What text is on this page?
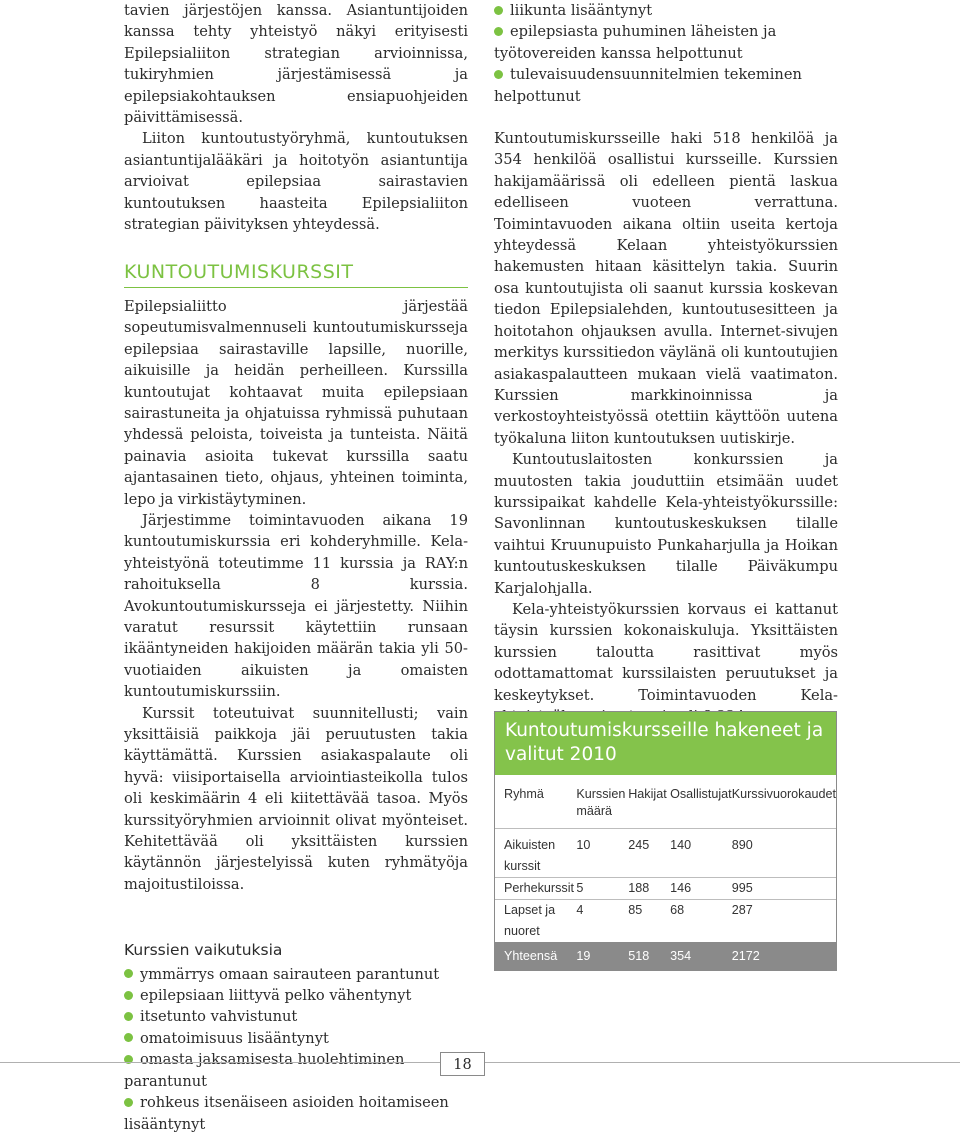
tavien järjestöjen kanssa. Asiantuntijoiden kanssa tehty yhteistyö näkyi erityisesti Epilepsialiiton strategian arvioinnissa, tukiryhmien järjestämisessä ja epilepsiakohtauksen ensiapuohjeiden päivittämisessä.

Liiton kuntoutustyöryhmä, kuntoutuksen asiantuntijalääkäri ja hoitotyön asiantuntija arvioivat epilepsiaa sairastavien kuntoutuksen haasteita Epilepsialiiton strategian päivityksen yhteydessä.

KUNTOUTUMISKURSSIT

Epilepsialiitto järjestää sopeutumisvalmennuseli kuntoutumiskursseja epilepsiaa sairastaville lapsille, nuorille, aikuisille ja heidän perheilleen. Kurssilla kuntoutujat kohtaavat muita epilepsiaan sairastuneita ja ohjatuissa ryhmissä puhutaan yhdessä peloista, toiveista ja tunteista. Näitä painavia asioita tukevat kurssilla saatu ajantasainen tieto, ohjaus, yhteinen toiminta, lepo ja virkistäytyminen.

Järjestimme toimintavuoden aikana 19 kuntoutumiskurssia eri kohderyhmille. Kela-yhteistyönä toteutimme 11 kurssia ja RAY:n rahoituksella 8 kurssia. Avokuntoutumiskursseja ei järjestetty. Niihin varatut resurssit käytettiin runsaan ikääntyneiden hakijoiden määrän takia yli 50-vuotiaiden aikuisten ja omaisten kuntoutumiskurssiin.

Kurssit toteutuivat suunnitellusti; vain yksittäisiä paikkoja jäi peruutusten takia käyttämättä. Kurssien asiakaspalaute oli hyvä: viisiportaisella arviointiasteikolla tulos oli keskimäärin 4 eli kiitettävää tasoa. Myös kurssityöryhmien arvioinnit olivat myönteiset. Kehitettävää oli yksittäisten kurssien käytännön järjestelyissä kuten ryhmätyöja majoitustiloissa.

Kurssien vaikutuksia
ymmärrys omaan sairauteen parantunut
epilepsiaan liittyvä pelko vähentynyt
itsetunto vahvistunut
omatoimisuus lisääntynyt
omasta jaksamisesta huolehtiminen parantunut
rohkeus itsenäiseen asioiden hoitamiseen lisääntynyt
liikunta lisääntynyt
epilepsiasta puhuminen läheisten ja työtovereiden kanssa helpottunut
tulevaisuudensuunnitelmien tekeminen helpottunut

Kuntoutumiskursseille haki 518 henkilöä ja 354 henkilöä osallistui kursseille. Kurssien hakijamäärissä oli edelleen pientä laskua edelliseen vuoteen verrattuna. Toimintavuoden aikana oltiin useita kertoja yhteydessä Kelaan yhteistyökurssien hakemusten hitaan käsittelyn takia. Suurin osa kuntoutujista oli saanut kurssia koskevan tiedon Epilepsialehden, kuntoutusesitteen ja hoitotahon ohjauksen avulla. Internet-sivujen merkitys kurssitiedon väylänä oli kuntoutujien asiakaspalautteen mukaan vielä vaatimaton. Kurssien markkinoinnissa ja verkostoyhteistyössä otettiin käyttöön uutena työkaluna liiton kuntoutuksen uutiskirje.

Kuntoutuslaitosten konkurssien ja muutosten takia jouduttiin etsimään uudet kurssipaikat kahdelle Kela-yhteistyökurssille: Savonlinnan kuntoutuskeskuksen tilalle vaihtui Kruunupuisto Punkaharjulla ja Hoikan kuntoutuskeskuksen tilalle Päiväkumpu Karjalohjalla.

Kela-yhteistyökurssien korvaus ei kattanut täysin kurssien kokonaiskuluja. Yksittäisten kurssien taloutta rasittivat myös odottamattomat kurssilaisten peruutukset ja keskeytykset. Toimintavuoden Kela-

Kuntoutumiskursseille hakeneet ja valitut 2010
Ryhmä	Kurssien määrä	Hakijat	Osallistujat	Kurssivuorokaudet
Aikuisten kurssit	10	245	140	890
Perhekurssit	5	188	146	995
Lapset ja nuoret	4	85	68	287
Yhteensä	19	518	354	2172
18
